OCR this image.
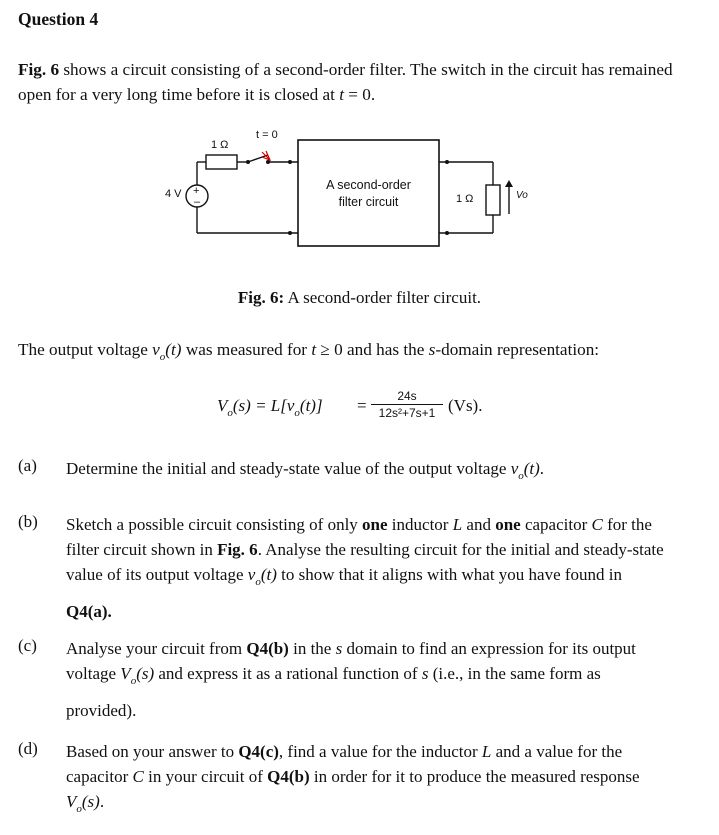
Question 4
Fig. 6 shows a circuit consisting of a second-order filter. The switch in the circuit has remained
open for a very long time before it is closed at t = 0.
+
–
4 V
1 Ω
t = 0
A second-order
filter circuit	1 Ω	Vo
Fig. 6: A second-order filter circuit.
The output voltage $v_o(t)$ was measured for t ≥ 0 and has the s-domain representation:
$V_o(s) = L[v_o(t)] = \frac{24s}{\text{12s²+7s+1}} (Vs)$.
(a) Determine the initial and steady-state value of the output voltage $v_o(t)$.
(b) Sketch a possible circuit consisting of only one inductor L and one capacitor C for the
filter circuit shown in Fig. 6. Analyse the resulting circuit for the initial and steady-state
value of its output voltage $v_o(t)$ to show that it aligns with what you have found in
Q4(a).
(c) Analyse your circuit from Q4(b) in the s domain to find an expression for its output
voltage $V_o(s)$ and express it as a rational function of s (i.e., in the same form as
provided).
(d) Based on your answer to Q4(c), find a value for the inductor L and a value for the
capacitor C in your circuit of Q4(b) in order for it to produce the measured response
$V_o(s)$.
